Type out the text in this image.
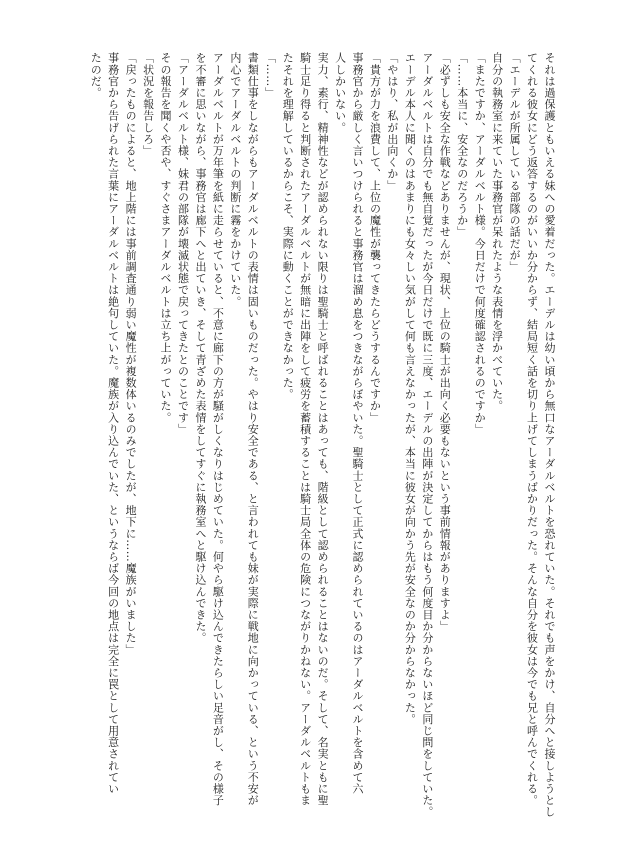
それは過保護ともいえる妹への愛着だった。エーデルは幼い頃から無口なアーダルベルトを恐れていた。それでも声をかけ、自分へと接しようとし
てくれる彼女にどう返答するのがいいか分からず、結局短く話を切り上げてしまうばかりだった。そんな自分を彼女は今でも兄と呼んでくれる。
「エーデルが所属している部隊の話だが」
自分の執務室に来ていた事務官が呆れたような表情を浮かべていた。
「またですか、アーダルベルト様。今日だけで何度確認されるのですか」
「……本当に、安全なのだろうか」
「必ずしも安全な作戦などありませんが、現状、上位の騎士が出向く必要もないという事前情報がありますよ」
アーダルベルトは自分でも無自覚だったが今日だけで既に三度、エーデルの出陣が決定してからはもう何度目か分からないほど同じ問をしていた。
エーデル本人に聞くのはあまりにも女々しい気がして何も言えなかったが、本当に彼女が向かう先が安全なのか分からなかった。
「やはり、私が出向くか」
「貴方が力を浪費して、上位の魔性が襲ってきたらどうするんですか」
事務官から厳しく言いつけられると事務官は溜め息をつきながらぼやいた。聖騎士として正式に認められているのはアーダルベルトを含めて六
人しかいない。
実力、素行、精神性などが認められない限りは聖騎士と呼ばれることはあっても、階級として認められることはないのだ。そして、名実ともに聖
騎士足り得ると判断されたアーダルベルトが無暗に出陣をして疲労を蓄積することは騎士局全体の危険につながりかねない。アーダルベルトもま
たそれを理解しているからこそ、実際に動くことができなかった。
「……」
書類仕事をしながらもアーダルベルトの表情は固いものだった。やはり安全である、と言われても妹が実際に戦地に向かっている、という不安が
内心でアーダルベルトの判断に霧をかけていた。
アーダルベルトが万年筆を紙に走らせていると、不意に廊下の方が騒がしくなりはじめていた。何やら駆け込んできたらしい足音がし、その様子
を不審に思いながら、事務官は廊下へと出ていき、そして青ざめた表情をしてすぐに執務室へと駆け込んできた。
「アーダルベルト様、妹君の部隊が壊滅状態で戻ってきたとのことです」
その報告を聞くや否や、すぐさまアーダルベルトは立ち上がっていた。
「状況を報告しろ」
「戻ったものによると、地上階には事前調査通り弱い魔性が複数体いるのみでしたが、地下に……魔族がいました」
事務官から告げられた言葉にアーダルベルトは絶句していた。魔族が入り込んでいた、というならば今回の地点は完全に罠として用意されてい
たのだ。
